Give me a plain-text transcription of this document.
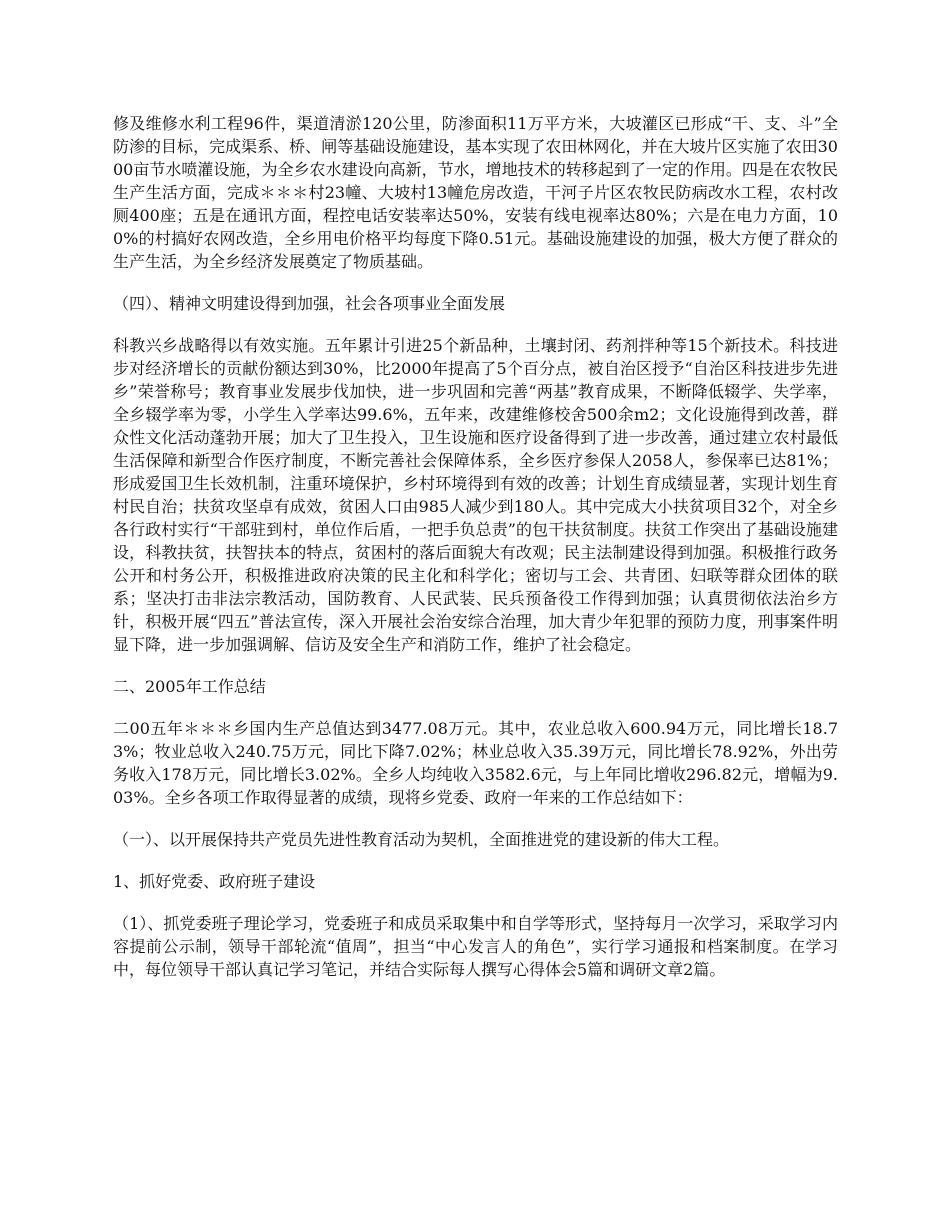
修及维修水利工程96件，渠道清淤120公里，防渗面积11万平方米，大坡灌区已形成“干、支、斗”全防渗的目标，完成渠系、桥、闸等基础设施建设，基本实现了农田林网化，并在大坡片区实施了农田3000亩节水喷灌设施，为全乡农水建设向高新，节水，增地技术的转移起到了一定的作用。四是在农牧民生产生活方面，完成＊＊＊村23幢、大坡村13幢危房改造，干河子片区农牧民防病改水工程，农村改厕400座；五是在通讯方面，程控电话安装率达50%，安装有线电视率达80%；六是在电力方面，100%的村搞好农网改造，全乡用电价格平均每度下降0.51元。基础设施建设的加强，极大方便了群众的生产生活，为全乡经济发展奠定了物质基础。

（四）、精神文明建设得到加强，社会各项事业全面发展

科教兴乡战略得以有效实施。五年累计引进25个新品种，土壤封闭、药剂拌种等15个新技术。科技进步对经济增长的贡献份额达到30%，比2000年提高了5个百分点，被自治区授予“自治区科技进步先进乡”荣誉称号；教育事业发展步伐加快，进一步巩固和完善“两基”教育成果，不断降低辍学、失学率，全乡辍学率为零，小学生入学率达99.6%，五年来，改建维修校舍500余m2；文化设施得到改善，群众性文化活动蓬勃开展；加大了卫生投入，卫生设施和医疗设备得到了进一步改善，通过建立农村最低生活保障和新型合作医疗制度，不断完善社会保障体系，全乡医疗参保人2058人，参保率已达81%；形成爱国卫生长效机制，注重环境保护，乡村环境得到有效的改善；计划生育成绩显著，实现计划生育村民自治；扶贫攻坚卓有成效，贫困人口由985人减少到180人。其中完成大小扶贫项目32个，对全乡各行政村实行“干部驻到村，单位作后盾，一把手负总责”的包干扶贫制度。扶贫工作突出了基础设施建设，科教扶贫，扶智扶本的特点，贫困村的落后面貌大有改观；民主法制建设得到加强。积极推行政务公开和村务公开，积极推进政府决策的民主化和科学化；密切与工会、共青团、妇联等群众团体的联系；坚决打击非法宗教活动，国防教育、人民武装、民兵预备役工作得到加强；认真贯彻依法治乡方针，积极开展“四五”普法宣传，深入开展社会治安综合治理，加大青少年犯罪的预防力度，刑事案件明显下降，进一步加强调解、信访及安全生产和消防工作，维护了社会稳定。

二、2005年工作总结

二00五年＊＊＊乡国内生产总值达到3477.08万元。其中，农业总收入600.94万元，同比增长18.73%；牧业总收入240.75万元，同比下降7.02%；林业总收入35.39万元，同比增长78.92%，外出劳务收入178万元，同比增长3.02%。全乡人均纯收入3582.6元，与上年同比增收296.82元，增幅为9.03%。全乡各项工作取得显著的成绩，现将乡党委、政府一年来的工作总结如下：

（一）、以开展保持共产党员先进性教育活动为契机，全面推进党的建设新的伟大工程。

1、抓好党委、政府班子建设

（1）、抓党委班子理论学习，党委班子和成员采取集中和自学等形式，坚持每月一次学习，采取学习内容提前公示制，领导干部轮流“值周”，担当“中心发言人的角色”，实行学习通报和档案制度。在学习中，每位领导干部认真记学习笔记，并结合实际每人撰写心得体会5篇和调研文章2篇。
